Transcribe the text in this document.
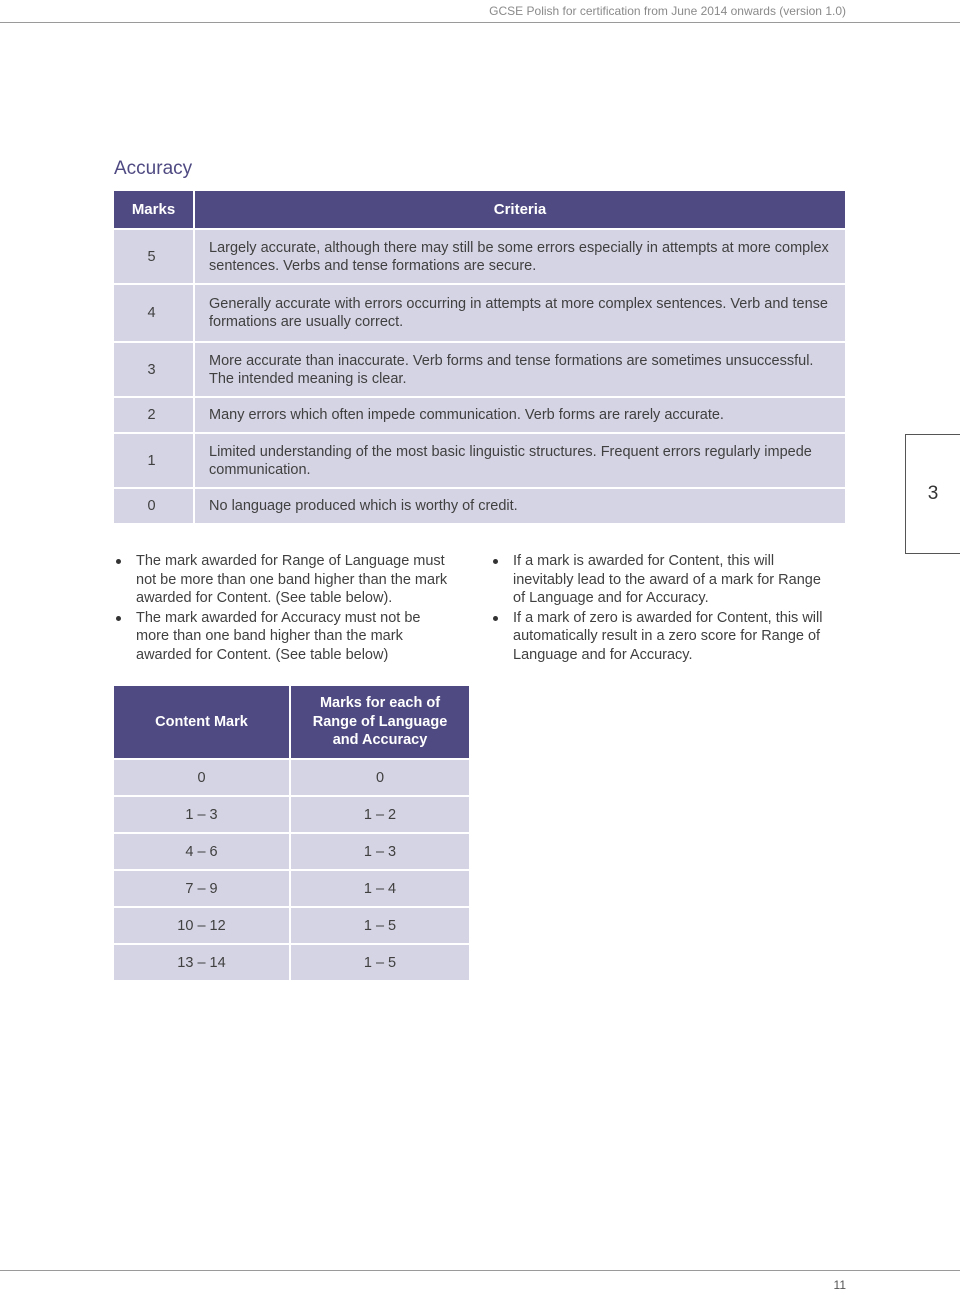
GCSE Polish for certification from June 2014 onwards (version 1.0)
Accuracy
Marks	Criteria
5	Largely accurate, although there may still be some errors especially in attempts at more complex sentences. Verbs and tense formations are secure.
4	Generally accurate with errors occurring in attempts at more complex sentences. Verb and tense formations are usually correct.
3	More accurate than inaccurate. Verb forms and tense formations are sometimes unsuccessful. The intended meaning is clear.
2	Many errors which often impede communication. Verb forms are rarely accurate.
1	Limited understanding of the most basic linguistic structures. Frequent errors regularly impede communication.
0	No language produced which is worthy of credit.
3
The mark awarded for Range of Language must not be more than one band higher than the mark awarded for Content. (See table below).
The mark awarded for Accuracy must not be more than one band higher than the mark awarded for Content. (See table below)
If a mark is awarded for Content, this will inevitably lead to the award of a mark for Range of Language and for Accuracy.
If a mark of zero is awarded for Content, this will automatically result in a zero score for Range of Language and for Accuracy.
Content Mark	Marks for each of Range of Language and Accuracy
0	0
1 – 3	1 – 2
4 – 6	1 – 3
7 – 9	1 – 4
10 – 12	1 – 5
13 – 14	1 – 5
11
